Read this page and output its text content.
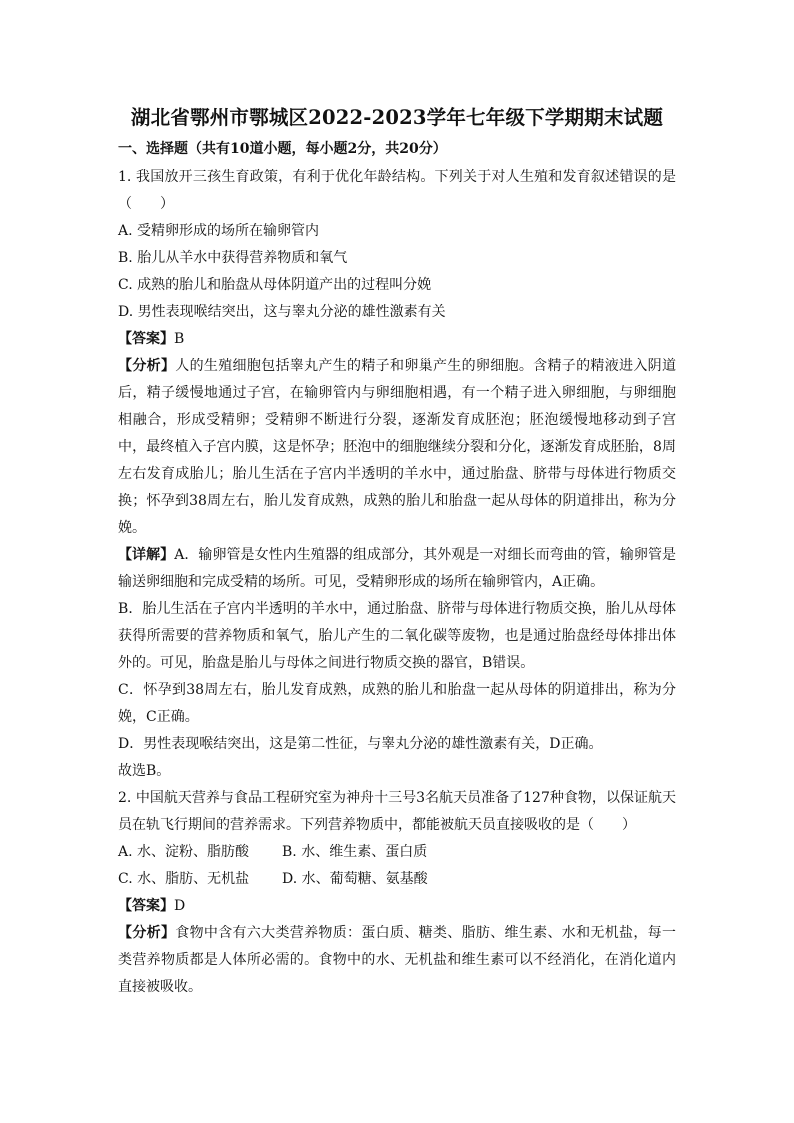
湖北省鄂州市鄂城区2022-2023学年七年级下学期期末试题
一、选择题（共有10道小题，每小题2分，共20分）

1. 我国放开三孩生育政策，有利于优化年龄结构。下列关于对人生殖和发育叙述错误的是（　　）

A. 受精卵形成的场所在输卵管内
B. 胎儿从羊水中获得营养物质和氧气
C. 成熟的胎儿和胎盘从母体阴道产出的过程叫分娩
D. 男性表现喉结突出，这与睾丸分泌的雄性激素有关

【答案】B

【分析】人的生殖细胞包括睾丸产生的精子和卵巢产生的卵细胞。含精子的精液进入阴道后，精子缓慢地通过子宫，在输卵管内与卵细胞相遇，有一个精子进入卵细胞，与卵细胞相融合，形成受精卵；受精卵不断进行分裂，逐渐发育成胚泡；胚泡缓慢地移动到子宫中，最终植入子宫内膜，这是怀孕；胚泡中的细胞继续分裂和分化，逐渐发育成胚胎，8周左右发育成胎儿；胎儿生活在子宫内半透明的羊水中，通过胎盘、脐带与母体进行物质交换；怀孕到38周左右，胎儿发育成熟，成熟的胎儿和胎盘一起从母体的阴道排出，称为分娩。

【详解】A．输卵管是女性内生殖器的组成部分，其外观是一对细长而弯曲的管，输卵管是输送卵细胞和完成受精的场所。可见，受精卵形成的场所在输卵管内，A正确。

B．胎儿生活在子宫内半透明的羊水中，通过胎盘、脐带与母体进行物质交换，胎儿从母体获得所需要的营养物质和氧气，胎儿产生的二氧化碳等废物，也是通过胎盘经母体排出体外的。可见，胎盘是胎儿与母体之间进行物质交换的器官，B错误。

C．怀孕到38周左右，胎儿发育成熟，成熟的胎儿和胎盘一起从母体的阴道排出，称为分娩，C正确。

D．男性表现喉结突出，这是第二性征，与睾丸分泌的雄性激素有关，D正确。

故选B。

2. 中国航天营养与食品工程研究室为神舟十三号3名航天员准备了127种食物，以保证航天员在轨飞行期间的营养需求。下列营养物质中，都能被航天员直接吸收的是（　　）

A. 水、淀粉、脂肪酸	B. 水、维生素、蛋白质
C. 水、脂肪、无机盐	D. 水、葡萄糖、氨基酸

【答案】D

【分析】食物中含有六大类营养物质：蛋白质、糖类、脂肪、维生素、水和无机盐，每一类营养物质都是人体所必需的。食物中的水、无机盐和维生素可以不经消化，在消化道内直接被吸收。
